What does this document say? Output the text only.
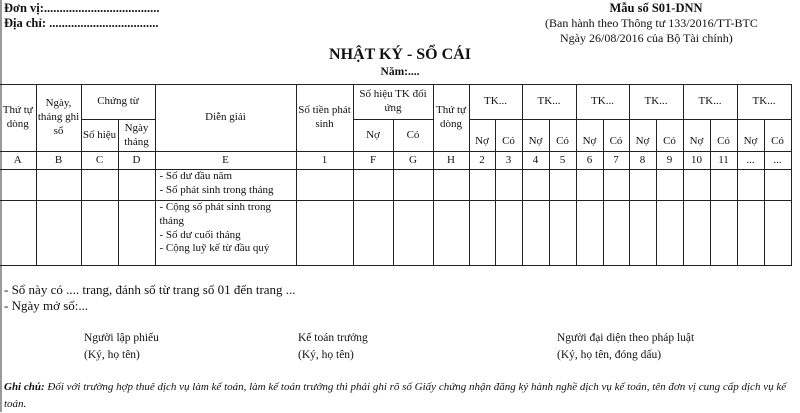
Đơn vị:.....................................
Địa chỉ: ...................................
Mẫu số S01-DNN
(Ban hành theo Thông tư 133/2016/TT-BTC
Ngày 26/08/2016 của Bộ Tài chính)
NHẬT KÝ - SỔ CÁI
Năm:....
Thứ tự dòng	Ngày, tháng ghi sổ	Chứng từ		Diễn giải	Số tiền phát sinh	Số hiệu TK đối ứng		Thứ tự dòng	TK...		TK...		TK...		TK...		TK...		TK...	
		Số hiệu	Ngày tháng			Nợ	Có		Nợ	Có	Nợ	Có	Nợ	Có	Nợ	Có	Nợ	Có	Nợ	Có
A	B	C	D	E	1	F	G	H	2	3	4	5	6	7	8	9	10	11	...	...

				- Số dư đầu năm
- Số phát sinh trong tháng																

				- Cộng số phát sinh trong tháng
- Số dư cuối tháng
- Cộng luỹ kế từ đầu quý																

- Sổ này có .... trang, đánh số từ trang số 01 đến trang ...
- Ngày mở sổ:...
Người lập phiếu
(Ký, họ tên)
Kế toán trưởng
(Ký, họ tên)
Người đại diện theo pháp luật
(Ký, họ tên, đóng dấu)
Ghi chú: Đối với trường hợp thuê dịch vụ làm kế toán, làm kế toán trưởng thì phải ghi rõ số Giấy chứng nhận đăng ký hành nghề dịch vụ kế toán, tên đơn vị cung cấp dịch vụ kế toán.
